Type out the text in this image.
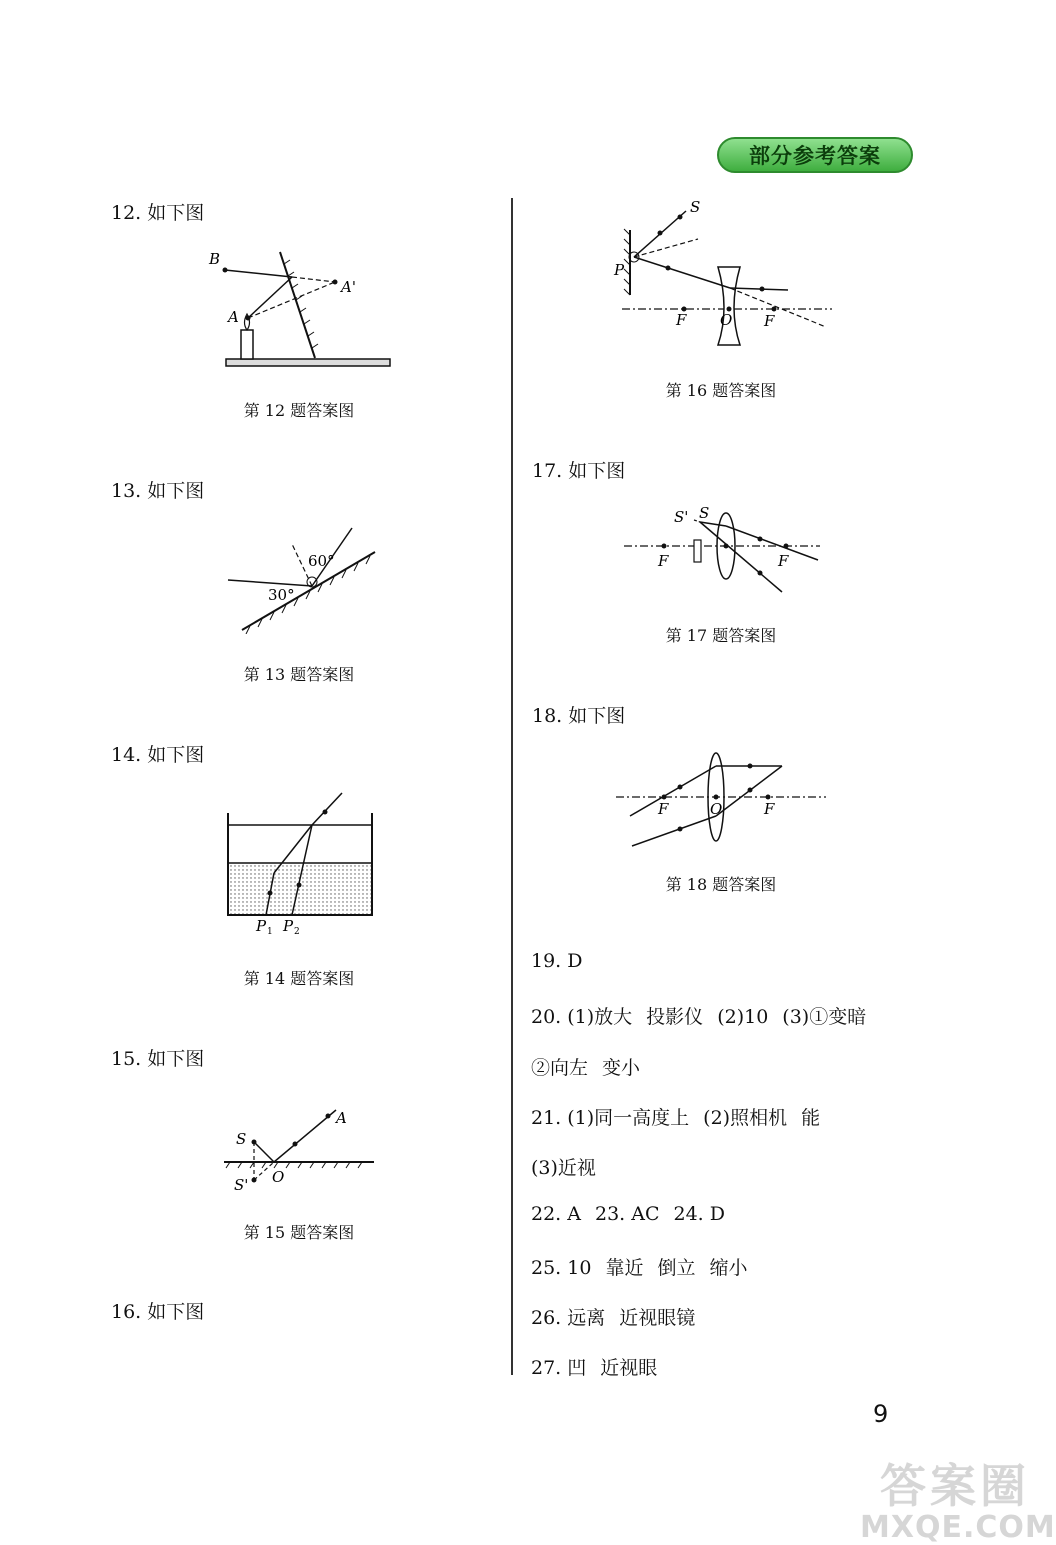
部分参考答案
12. 如下图
B
A
A'
第 12 题答案图
13. 如下图
60°
30°
第 13 题答案图
14. 如下图
P 1 P 2
第 14 题答案图
15. 如下图
S
A
S' O
第 15 题答案图
16. 如下图
S
P
F O F
第 16 题答案图
17. 如下图
S' S
F	F
第 17 题答案图
18. 如下图
F	O	F
第 18 题答案图
19. D
20. (1)放大 投影仪 (2)10 (3)①变暗
②向左 变小
21. (1)同一高度上 (2)照相机 能
(3)近视
22. A 23. AC 24. D
25. 10 靠近 倒立 缩小
26. 远离 近视眼镜
27. 凹 近视眼
9
答案圈
MXQE.COM
